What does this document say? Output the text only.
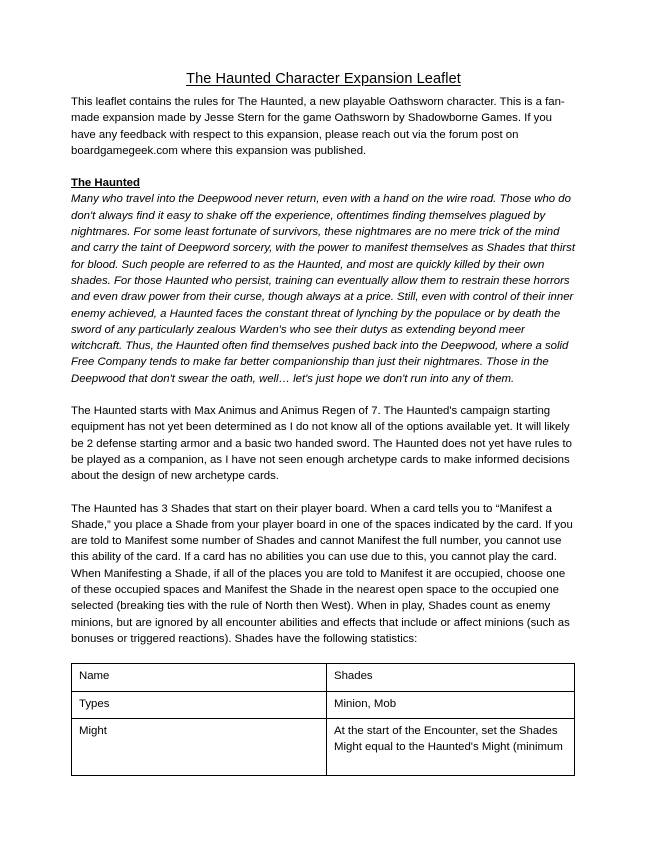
The Haunted Character Expansion Leaflet

This leaflet contains the rules for The Haunted, a new playable Oathsworn character. This is a fan-made expansion made by Jesse Stern for the game Oathsworn by Shadowborne Games. If you have any feedback with respect to this expansion, please reach out via the forum post on boardgamegeek.com where this expansion was published.

The Haunted

Many who travel into the Deepwood never return, even with a hand on the wire road. Those who do don't always find it easy to shake off the experience, oftentimes finding themselves plagued by nightmares. For some least fortunate of survivors, these nightmares are no mere trick of the mind and carry the taint of Deepword sorcery, with the power to manifest themselves as Shades that thirst for blood. Such people are referred to as the Haunted, and most are quickly killed by their own shades. For those Haunted who persist, training can eventually allow them to restrain these horrors and even draw power from their curse, though always at a price. Still, even with control of their inner enemy achieved, a Haunted faces the constant threat of lynching by the populace or by death the sword of any particularly zealous Warden's who see their dutys as extending beyond meer witchcraft. Thus, the Haunted often find themselves pushed back into the Deepwood, where a solid Free Company tends to make far better companionship than just their nightmares. Those in the Deepwood that don't swear the oath, well… let's just hope we don't run into any of them.

The Haunted starts with Max Animus and Animus Regen of 7. The Haunted's campaign starting equipment has not yet been determined as I do not know all of the options available yet. It will likely be 2 defense starting armor and a basic two handed sword. The Haunted does not yet have rules to be played as a companion, as I have not seen enough archetype cards to make informed decisions about the design of new archetype cards.

The Haunted has 3 Shades that start on their player board. When a card tells you to “Manifest a Shade,” you place a Shade from your player board in one of the spaces indicated by the card. If you are told to Manifest some number of Shades and cannot Manifest the full number, you cannot use this ability of the card. If a card has no abilities you can use due to this, you cannot play the card. When Manifesting a Shade, if all of the places you are told to Manifest it are occupied, choose one of these occupied spaces and Manifest the Shade in the nearest open space to the occupied one selected (breaking ties with the rule of North then West). When in play, Shades count as enemy minions, but are ignored by all encounter abilities and effects that include or affect minions (such as bonuses or triggered reactions). Shades have the following statistics:

Name	Shades
Types	Minion, Mob
Might	At the start of the Encounter, set the Shades Might equal to the Haunted's Might (minimum
